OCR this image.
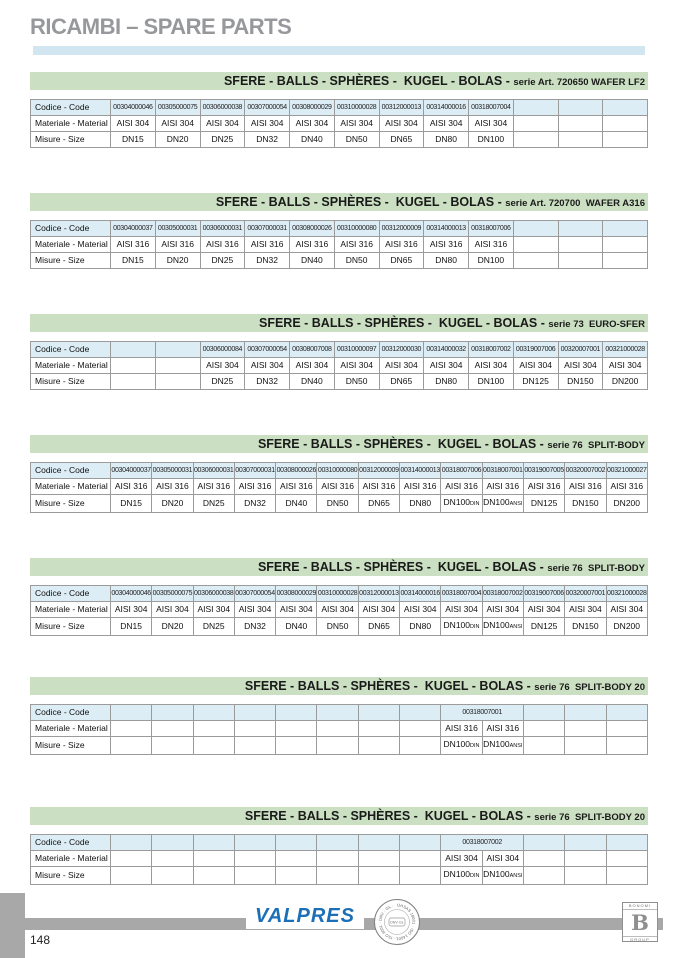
RICAMBI – SPARE PARTS
SFERE - BALLS - SPHÈRES -  KUGEL - BOLAS - serie Art. 720650 WAFER LF2
Codice - Code	00304000046	00305000075	00306000038	00307000054	00308000029	00310000028	00312000013	00314000016	00318007004			
Materiale - Material	AISI 304	AISI 304	AISI 304	AISI 304	AISI 304	AISI 304	AISI 304	AISI 304	AISI 304			
Misure - Size	DN15	DN20	DN25	DN32	DN40	DN50	DN65	DN80	DN100			
SFERE - BALLS - SPHÈRES -  KUGEL - BOLAS - serie Art. 720700  WAFER A316
Codice - Code	00304000037	00305000031	00306000031	00307000031	00308000026	00310000080	00312000009	00314000013	00318007006			
Materiale - Material	AISI 316	AISI 316	AISI 316	AISI 316	AISI 316	AISI 316	AISI 316	AISI 316	AISI 316			
Misure - Size	DN15	DN20	DN25	DN32	DN40	DN50	DN65	DN80	DN100			
SFERE - BALLS - SPHÈRES -  KUGEL - BOLAS - serie 73  EURO-SFER
Codice - Code			00306000084	00307000054	00308007008	00310000097	00312000030	00314000032	00318007002	00319007006	00320007001	00321000028
Materiale - Material			AISI 304	AISI 304	AISI 304	AISI 304	AISI 304	AISI 304	AISI 304	AISI 304	AISI 304	AISI 304
Misure - Size			DN25	DN32	DN40	DN50	DN65	DN80	DN100	DN125	DN150	DN200
SFERE - BALLS - SPHÈRES -  KUGEL - BOLAS - serie 76  SPLIT-BODY
Codice - Code	00304000037	00305000031	00306000031	00307000031	00308000026	00310000080	00312000009	00314000013	00318007006	00318007001	00319007005	00320007002	00321000027
Materiale - Material	AISI 316	AISI 316	AISI 316	AISI 316	AISI 316	AISI 316	AISI 316	AISI 316	AISI 316	AISI 316	AISI 316	AISI 316	AISI 316
Misure - Size	DN15	DN20	DN25	DN32	DN40	DN50	DN65	DN80	DN100DIN	DN100ANSI	DN125	DN150	DN200
SFERE - BALLS - SPHÈRES -  KUGEL - BOLAS - serie 76  SPLIT-BODY
Codice - Code	00304000046	00305000075	00306000038	00307000054	00308000029	00310000028	00312000013	00314000016	00318007004	00318007002	00319007006	00320007001	00321000028
Materiale - Material	AISI 304	AISI 304	AISI 304	AISI 304	AISI 304	AISI 304	AISI 304	AISI 304	AISI 304	AISI 304	AISI 304	AISI 304	AISI 304
Misure - Size	DN15	DN20	DN25	DN32	DN40	DN50	DN65	DN80	DN100DIN	DN100ANSI	DN125	DN150	DN200
SFERE - BALLS - SPHÈRES -  KUGEL - BOLAS - serie 76  SPLIT-BODY 20
Codice - Code									00318007001				
Materiale - Material									AISI 316	AISI 316			
Misure - Size									DN100DIN	DN100ANSI			
SFERE - BALLS - SPHÈRES -  KUGEL - BOLAS - serie 76  SPLIT-BODY 20
Codice - Code									00318007002				
Materiale - Material									AISI 304	AISI 304			
Misure - Size									DN100DIN	DN100ANSI			
148
VALPRES	OHSAS 18001 · ISO 14001 · ISO 9001 · DNV · GL ·
DNV·GL
BONOMI
B
GROUP
